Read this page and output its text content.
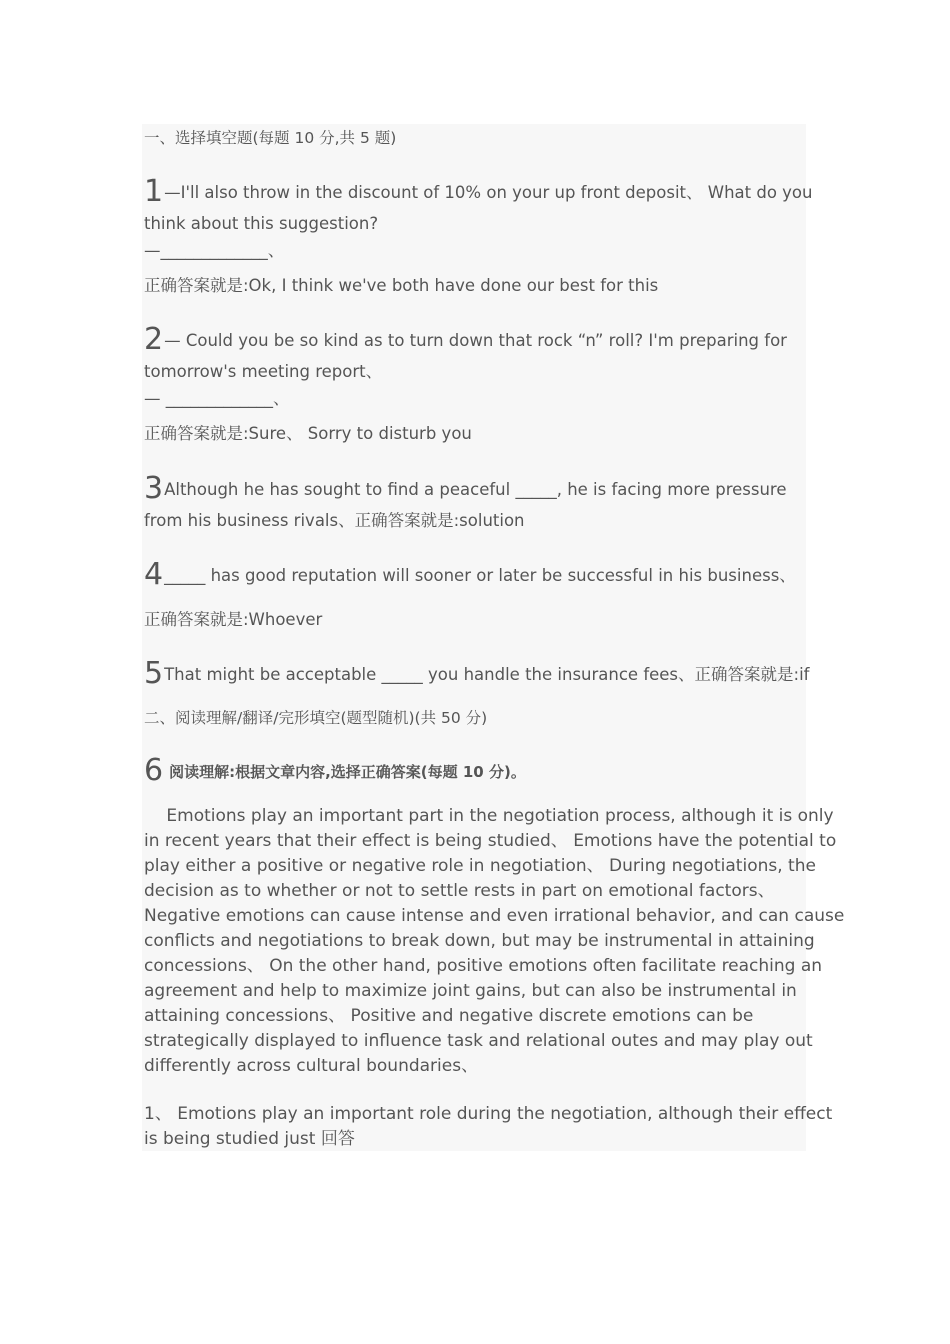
一、选择填空题(每题 10 分,共 5 题)
1—I'll also throw in the discount of 10% on your up front deposit、 What do you
think about this suggestion?
—_____________、
正确答案就是:Ok, I think we've both have done our best for this
2— Could you be so kind as to turn down that rock “n” roll? I'm preparing for
tomorrow's meeting report、
— _____________、
正确答案就是:Sure、 Sorry to disturb you
3Although he has sought to find a peaceful _____, he is facing more pressure
from his business rivals、正确答案就是:solution
4_____ has good reputation will sooner or later be successful in his business、
正确答案就是:Whoever
5That might be acceptable _____ you handle the insurance fees、正确答案就是:if
二、阅读理解/翻译/完形填空(题型随机)(共 50 分)
6 阅读理解:根据文章内容,选择正确答案(每题 10 分)。
  Emotions play an important part in the negotiation process, although it is only
in recent years that their effect is being studied、 Emotions have the potential to
play either a positive or negative role in negotiation、 During negotiations, the
decision as to whether or not to settle rests in part on emotional factors、
Negative emotions can cause intense and even irrational behavior, and can cause
conflicts and negotiations to break down, but may be instrumental in attaining
concessions、 On the other hand, positive emotions often facilitate reaching an
agreement and help to maximize joint gains, but can also be instrumental in
attaining concessions、 Positive and negative discrete emotions can be
strategically displayed to influence task and relational outes and may play out
differently across cultural boundaries、
1、 Emotions play an important role during the negotiation, although their effect
is being studied just 回答
